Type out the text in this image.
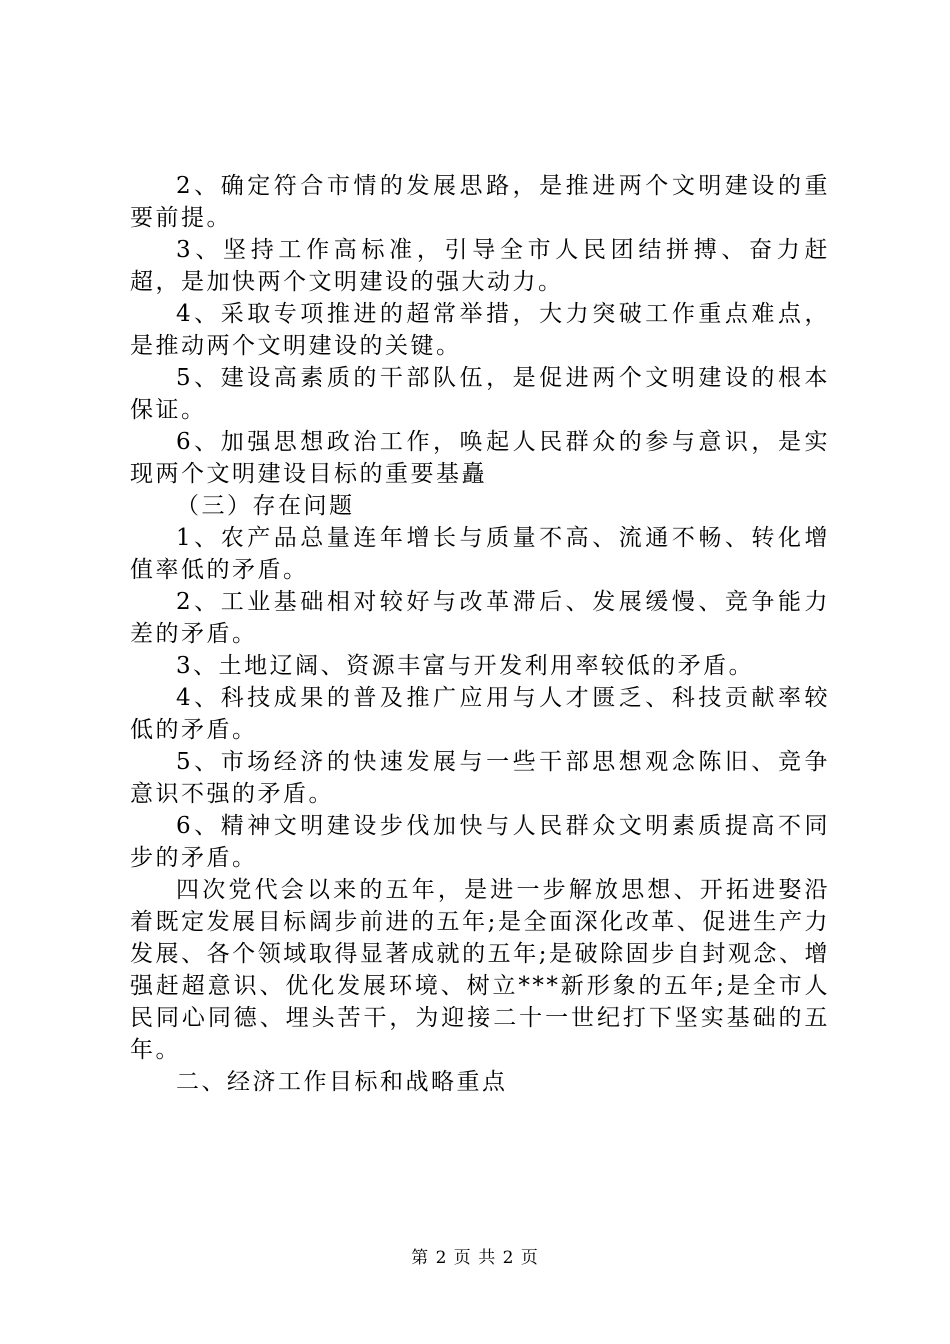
2、确定符合市情的发展思路，是推进两个文明建设的重要前提。

3、坚持工作高标准，引导全市人民团结拼搏、奋力赶超，是加快两个文明建设的强大动力。

4、采取专项推进的超常举措，大力突破工作重点难点，是推动两个文明建设的关键。

5、建设高素质的干部队伍，是促进两个文明建设的根本保证。

6、加强思想政治工作，唤起人民群众的参与意识，是实现两个文明建设目标的重要基矗

（三）存在问题

1、农产品总量连年增长与质量不高、流通不畅、转化增值率低的矛盾。

2、工业基础相对较好与改革滞后、发展缓慢、竞争能力差的矛盾。

3、土地辽阔、资源丰富与开发利用率较低的矛盾。

4、科技成果的普及推广应用与人才匮乏、科技贡献率较低的矛盾。

5、市场经济的快速发展与一些干部思想观念陈旧、竞争意识不强的矛盾。

6、精神文明建设步伐加快与人民群众文明素质提高不同步的矛盾。

四次党代会以来的五年，是进一步解放思想、开拓进娶沿着既定发展目标阔步前进的五年;是全面深化改革、促进生产力发展、各个领域取得显著成就的五年;是破除固步自封观念、增强赶超意识、优化发展环境、树立***新形象的五年;是全市人民同心同德、埋头苦干，为迎接二十一世纪打下坚实基础的五年。

二、经济工作目标和战略重点

第 2 页 共 2 页
